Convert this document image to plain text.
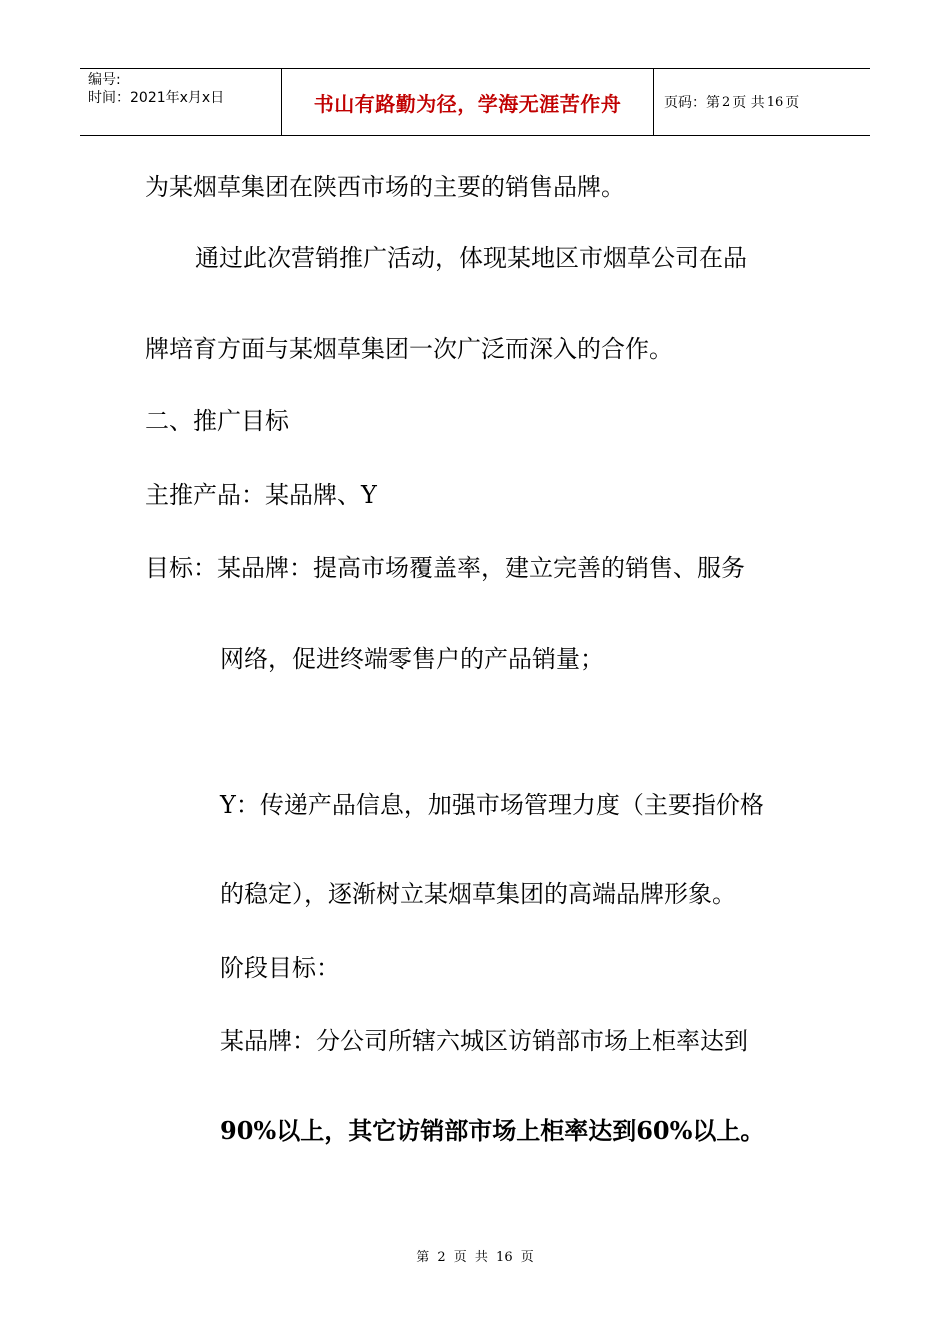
编号:
时间：2021年x月x日	书山有路勤为径，学海无涯苦作舟	页码：第 2 页 共 16 页
为某烟草集团在陕西市场的主要的销售品牌。
通过此次营销推广活动，体现某地区市烟草公司在品
牌培育方面与某烟草集团一次广泛而深入的合作。
二、推广目标
主推产品：某品牌、Y
目标：某品牌：提高市场覆盖率，建立完善的销售、服务
网络，促进终端零售户的产品销量；
Y：传递产品信息，加强市场管理力度（主要指价格
的稳定），逐渐树立某烟草集团的高端品牌形象。
阶段目标：
某品牌：分公司所辖六城区访销部市场上柜率达到
90%以上，其它访销部市场上柜率达到60%以上。
第 2 页 共 16 页
